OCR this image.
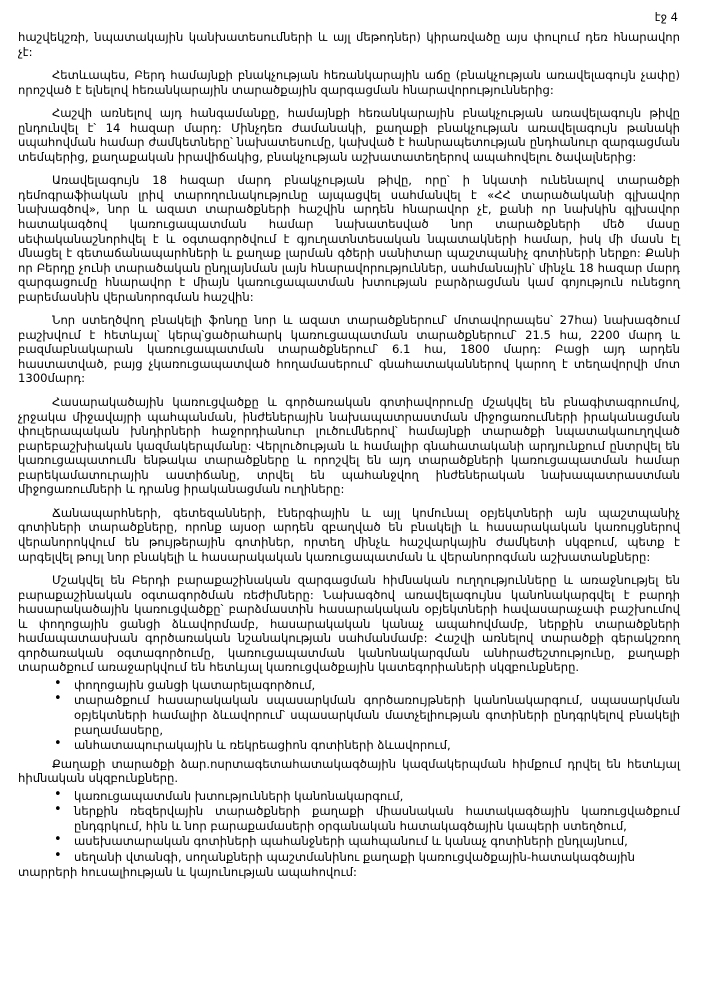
էջ 4

հաշվեկշռի, նպատակային կանխատեսումների և այլ մեթոդներ) կիրառվածը այս փուլում դեռ հնարավոր չէ:

Հետևապես, Բերդ համայնքի բնակչության հեռանկարային աճը (բնակչության առավելագույն չափը) որոշված է ելնելով հեռանկարային տարածքային զարգացման հնարավորություններից:

Հաշվի առնելով այդ հանգամանքը, համայնքի հեռանկարային բնակչության առավելագույն թիվը ընդունվել է՝ 14 հազար մարդ: Մինչդեռ ժամանակի, քաղաքի բնակչության առավելագույն թանակի սպահովման համար ժամկետները՝ նախատեսումը, կախված է հանրապետության ընդհանուր զարգացման տեմպերից, քաղաքական իրավիճակից, բնակչության աշխատատեղերով ապահովելու ծավալներից:

Առավելագույն 18 հազար մարդ բնակչության թիվը, որը՝ ի նկատի ունենալով տարածքի դեմոգրաֆիական լրիվ տարողունակությունը այպացվել սահմանվել է «ՀՀ տարածականի գլխավոր նախագծով», նոր և ազատ տարածքների հաշվին արդեն հնարավոր չէ, քանի որ նախկին գլխավոր հատակագծով կառուցապատման համար նախատեսված նոր տարածքների մեծ մասը սեփականաշնորհվել է և օգտագործվում է գյուղատնտեսական նպատակների համար, իսկ մի մասն էլ մնացել է գետաճանապարհների և քաղաք լարման գծերի սանիտար պաշտպանիչ գոտիների ներքո: Քանի որ Բերդը չունի տարածական ընդլայնման լայն հնարավորություններ, սահմանային՝ մինչև 18 հազար մարդ զարգացումը հնարավոր է միայն կառուցապատման խտության բարձրացման կամ գոյություն ունեցող բարեմասնին վերանորոգման հաշվին:

Նոր ստեղծվող բնակելի ֆոնդը նոր և ազատ տարածքներում՝ մոտավորապես՝ 27հա) նախագծում բաշխվում է հետևյալ՝ կերպ՝ցածրահարկ կառուցապատման տարածքներում՝ 21.5 հա, 2200 մարդ և բազմաբնակարան կառուցապատման տարածքներում՝ 6.1 հա, 1800 մարդ: Բացի այդ արդեն հաստատված, բայց չկառուցապատված հողամասերում՝ գնահատականներով կարող է տեղավորվի մոտ 1300մարդ:

Հասարակածային կառուցվածքը և գործառական գոտիավորումը մշակվել են բնագիտագրումով, չրջակա միջավայրի պահպանման, ինժեներային նախապատրաստման միջոցառումների իրականացման փուլերապական խնդիրների հաջորդիանուր լուծումներով՝ համայնքի տարածքի նպատակաուղղված բարեբաշխիական կազմակերպմանը: Վերլուծության և համալիր գնահատականի արդյունքում ընտրվել են կառուցապատումն ենթակա տարածքները և որոշվել են այդ տարածքների կառուցապատման համար բարեկամատուրային աստիճանը, տրվել են պահանջվող ինժեներական նախապատրաստման միջոցառումների և դրանց իրականացման ուղիները:

Ճանապարհների, գետեզանների, էներգիային և այլ կոմունալ օբյեկտների այն պաշտպանիչ գոտիների տարածքները, որոնք այսօր արդեն զբաղված են բնակելի և հասարակական կառույցներով վերանորոկվում են թույթերային գոտիներ, որտեղ մինչև հաշվարկային ժամկետի սկզբում, պետք է արգելվել թույլ նոր բնակելի և հասարակական կառուցապատման և վերանորոգման աշխատանքները:

Մշակվել են Բերդի բարաքաշինական զարգացման հիմնական ուղղությունները և առաջնությել են բարաքաշինական օգտագործման ռեժիմները: Նախագծով առավելագույնս կանոնակարգվել է բարդի հասարակածային կառուցվածքը՝ բարձմաստին հասարակական օբյեկտների հավասարաչափ բաշխումով և փողոցային ցանցի ձևավորմամբ, հասարակական կանաչ ապահովմամբ, ներքին տարածքների համապատասխան գործառական նշանակության սահմանմամբ: Հաշվի առնելով տարածքի գերակշռող գործառական օգտագործումը, կառուցապատման կանոնակարգման անհրաժեշտությունը, քաղաքի տարածքում առաջարկվում են հետևյալ կառուցվածքային կատեգորիաների սկզբունքները.

• փողոցային ցանցի կատարելագործում,
• տարածքում հասարակական սպասարկման գործառույթների կանոնակարգում, սպասարկման օբյեկտների համալիր ձևավորում՝ սպասարկման մատչելիության գոտիների ընդգրկելով բնակելի բաղամասերը,
• անհատապուրակային և ռեկրեացիոն գոտիների ձևավորում,

Քաղաքի տարածքի ձար.ոսրտագետահատակագծային կազմակերպման հիմքում դրվել են հետևյալ հիմնական սկզբունքները.

• կառուցապատման խտությունների կանոնակարգում,
• ներքին ռեզերվային տարածքների քաղաքի միասնական հատակագծային կառուցվածքում ընդգրկում, հին և նոր բարաքամասերի օրգանական հատակագծային կապերի ստեղծում,
• ասեխատարական գոտիների պահանջների պահպանում և կանաչ գոտիների ընդլայնում,
• սեղանի վտանգի, սողանքների պաշտմանինու քաղաքի կառուցվածքային-հատակագծային

տարրերի հուսալիության և կայունության ապահովում:
